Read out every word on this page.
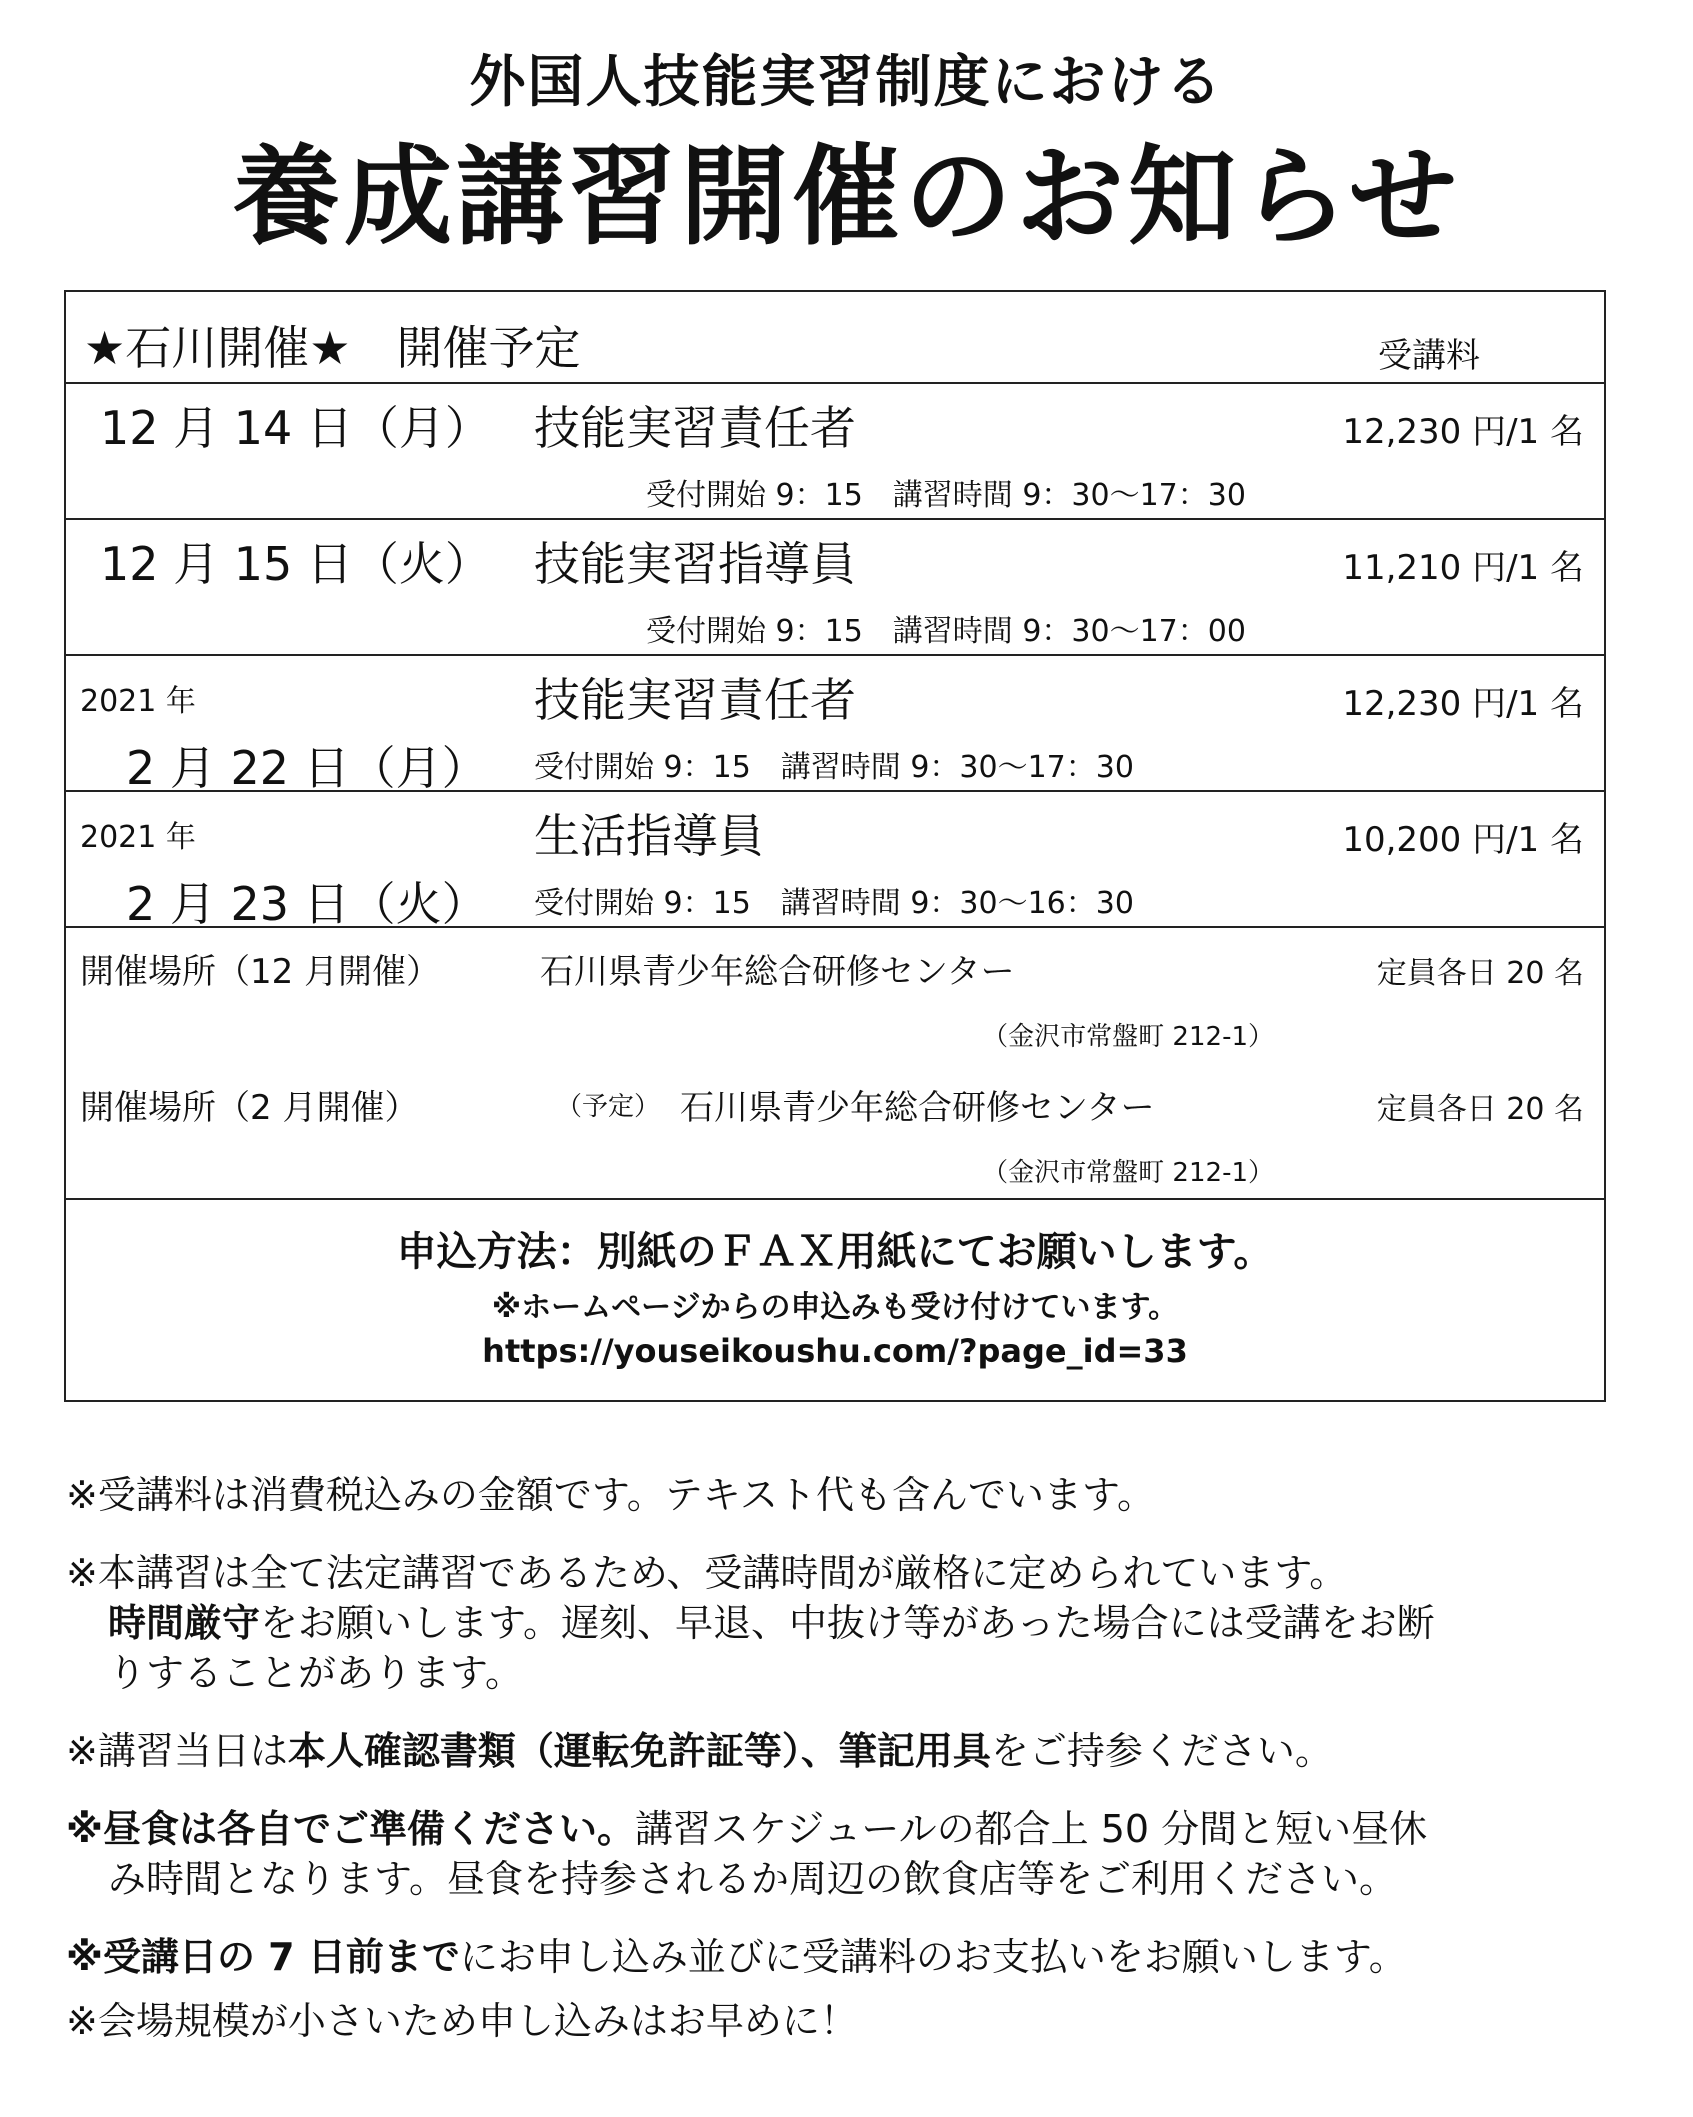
外国人技能実習制度における
養成講習開催のお知らせ
★石川開催★　開催予定	受講料
12 月 14 日（月） 技能実習責任者	12,230 円/1 名
受付開始 9：15　講習時間 9：30～17：30
12 月 15 日（火） 技能実習指導員	11,210 円/1 名
受付開始 9：15　講習時間 9：30～17：00
2021 年
2 月 22 日（月）
技能実習責任者	12,230 円/1 名
受付開始 9：15　講習時間 9：30～17：30
2021 年
2 月 23 日（火）
生活指導員	10,200 円/1 名
受付開始 9：15　講習時間 9：30～16：30
開催場所（12 月開催）	石川県青少年総合研修センター	定員各日 20 名
（金沢市常盤町 212-1）
開催場所（2 月開催）	（予定） 石川県青少年総合研修センター	定員各日 20 名
（金沢市常盤町 212-1）
申込方法：別紙のＦＡＸ用紙にてお願いします。
※ホームページからの申込みも受け付けています。
https://youseikoushu.com/?page_id=33
※受講料は消費税込みの金額です。テキスト代も含んでいます。
※本講習は全て法定講習であるため、受講時間が厳格に定められています。
時間厳守をお願いします。遅刻、早退、中抜け等があった場合には受講をお断
りすることがあります。
※講習当日は本人確認書類（運転免許証等）、筆記用具をご持参ください。
※昼食は各自でご準備ください。講習スケジュールの都合上 50 分間と短い昼休
み時間となります。昼食を持参されるか周辺の飲食店等をご利用ください。
※受講日の 7 日前までにお申し込み並びに受講料のお支払いをお願いします。
※会場規模が小さいため申し込みはお早めに！
